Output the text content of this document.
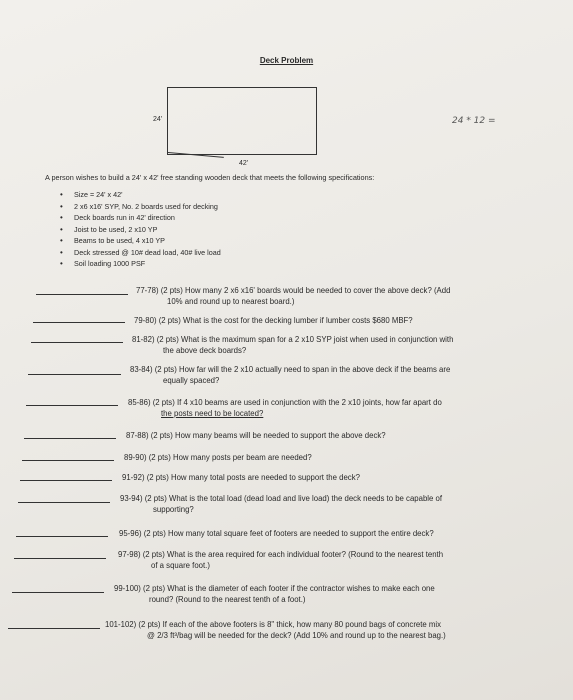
Deck Problem
24'
42'
24 * 12 =
A person wishes to build a 24' x 42' free standing wooden deck that meets the following specifications:
• Size = 24' x 42'
• 2 x6 x16' SYP, No. 2 boards used for decking
• Deck boards run in 42' direction
• Joist to be used, 2 x10 YP
• Beams to be used, 4 x10 YP
• Deck stressed @ 10# dead load, 40# live load
• Soil loading 1000 PSF
77-78) (2 pts) How many 2 x6 x16' boards would be needed to cover the above deck? (Add
10% and round up to nearest board.)
79-80) (2 pts) What is the cost for the decking lumber if lumber costs $680 MBF?
81-82) (2 pts) What is the maximum span for a 2 x10 SYP joist when used in conjunction with
the above deck boards?
83-84) (2 pts) How far will the 2 x10 actually need to span in the above deck if the beams are
equally spaced?
85-86) (2 pts) If 4 x10 beams are used in conjunction with the 2 x10 joints, how far apart do
the posts need to be located?
87-88) (2 pts) How many beams will be needed to support the above deck?
89-90) (2 pts) How many posts per beam are needed?
91-92) (2 pts) How many total posts are needed to support the deck?
93-94) (2 pts) What is the total load (dead load and live load) the deck needs to be capable of
supporting?
95-96) (2 pts) How many total square feet of footers are needed to support the entire deck?
97-98) (2 pts) What is the area required for each individual footer? (Round to the nearest tenth
of a square foot.)
99-100) (2 pts) What is the diameter of each footer if the contractor wishes to make each one
round? (Round to the nearest tenth of a foot.)
101-102) (2 pts) If each of the above footers is 8" thick, how many 80 pound bags of concrete mix
@ 2/3 ft³/bag will be needed for the deck? (Add 10% and round up to the nearest bag.)
